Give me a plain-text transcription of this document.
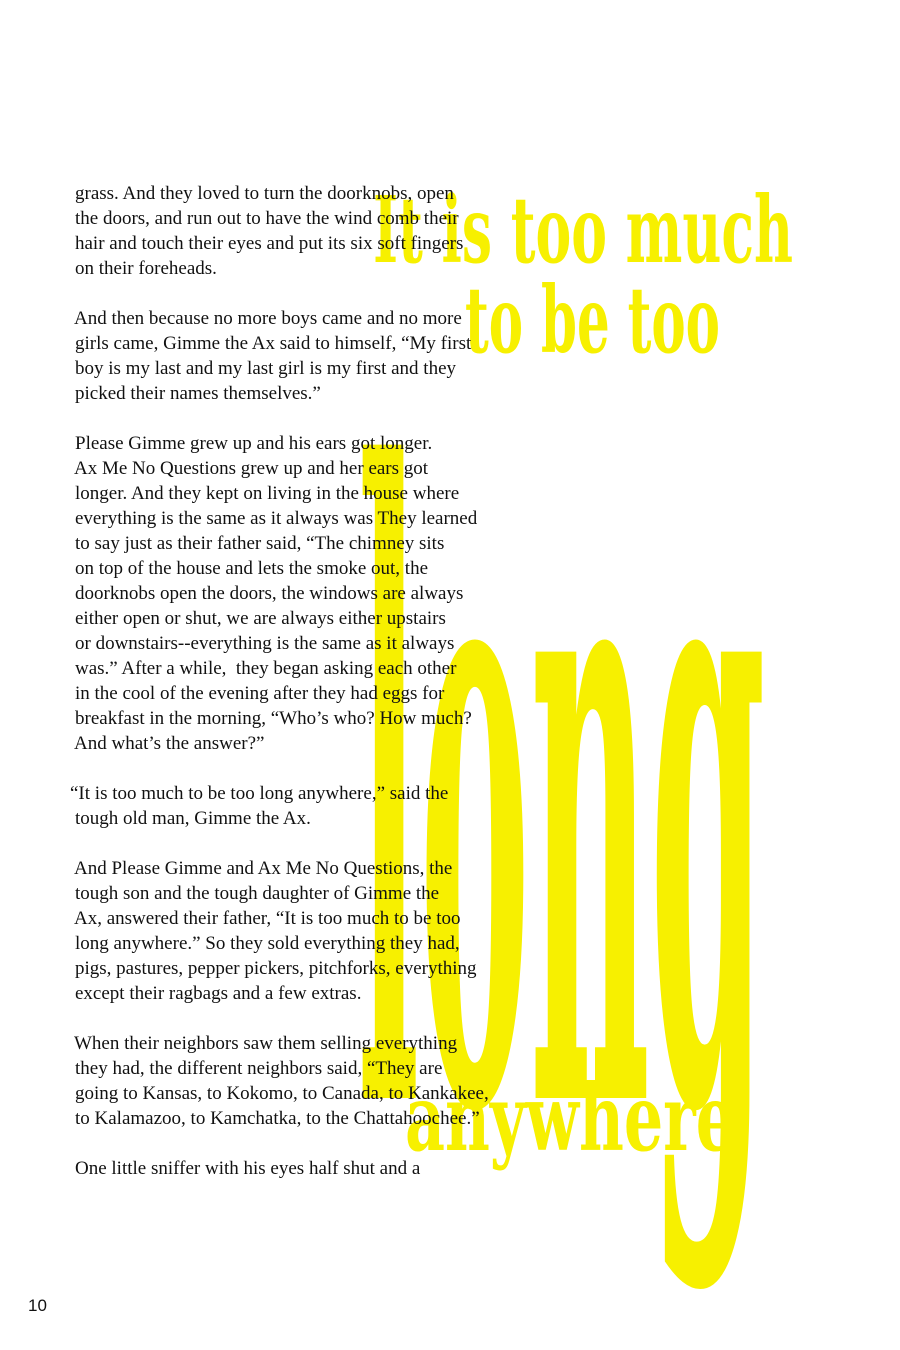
It is too much
to be too
long
anywhere

grass. And they loved to turn the doorknobs, open
the doors, and run out to have the wind comb their
hair and touch their eyes and put its six soft fingers
on their foreheads.

And then because no more boys came and no more
girls came, Gimme the Ax said to himself, “My first
boy is my last and my last girl is my first and they
picked their names themselves.”

Please Gimme grew up and his ears got longer.
Ax Me No Questions grew up and her ears got
longer. And they kept on living in the house where
everything is the same as it always was They learned
to say just as their father said, “The chimney sits
on top of the house and lets the smoke out, the
doorknobs open the doors, the windows are always
either open or shut, we are always either upstairs
or downstairs--everything is the same as it always
was.” After a while,  they began asking each other
in the cool of the evening after they had eggs for
breakfast in the morning, “Who’s who? How much?
And what’s the answer?”

“It is too much to be too long anywhere,” said the
tough old man, Gimme the Ax.

And Please Gimme and Ax Me No Questions, the
tough son and the tough daughter of Gimme the
Ax, answered their father, “It is too much to be too
long anywhere.” So they sold everything they had,
pigs, pastures, pepper pickers, pitchforks, everything
except their ragbags and a few extras.

When their neighbors saw them selling everything
they had, the different neighbors said, “They are
going to Kansas, to Kokomo, to Canada, to Kankakee,
to Kalamazoo, to Kamchatka, to the Chattahoochee.”

One little sniffer with his eyes half shut and a

10
